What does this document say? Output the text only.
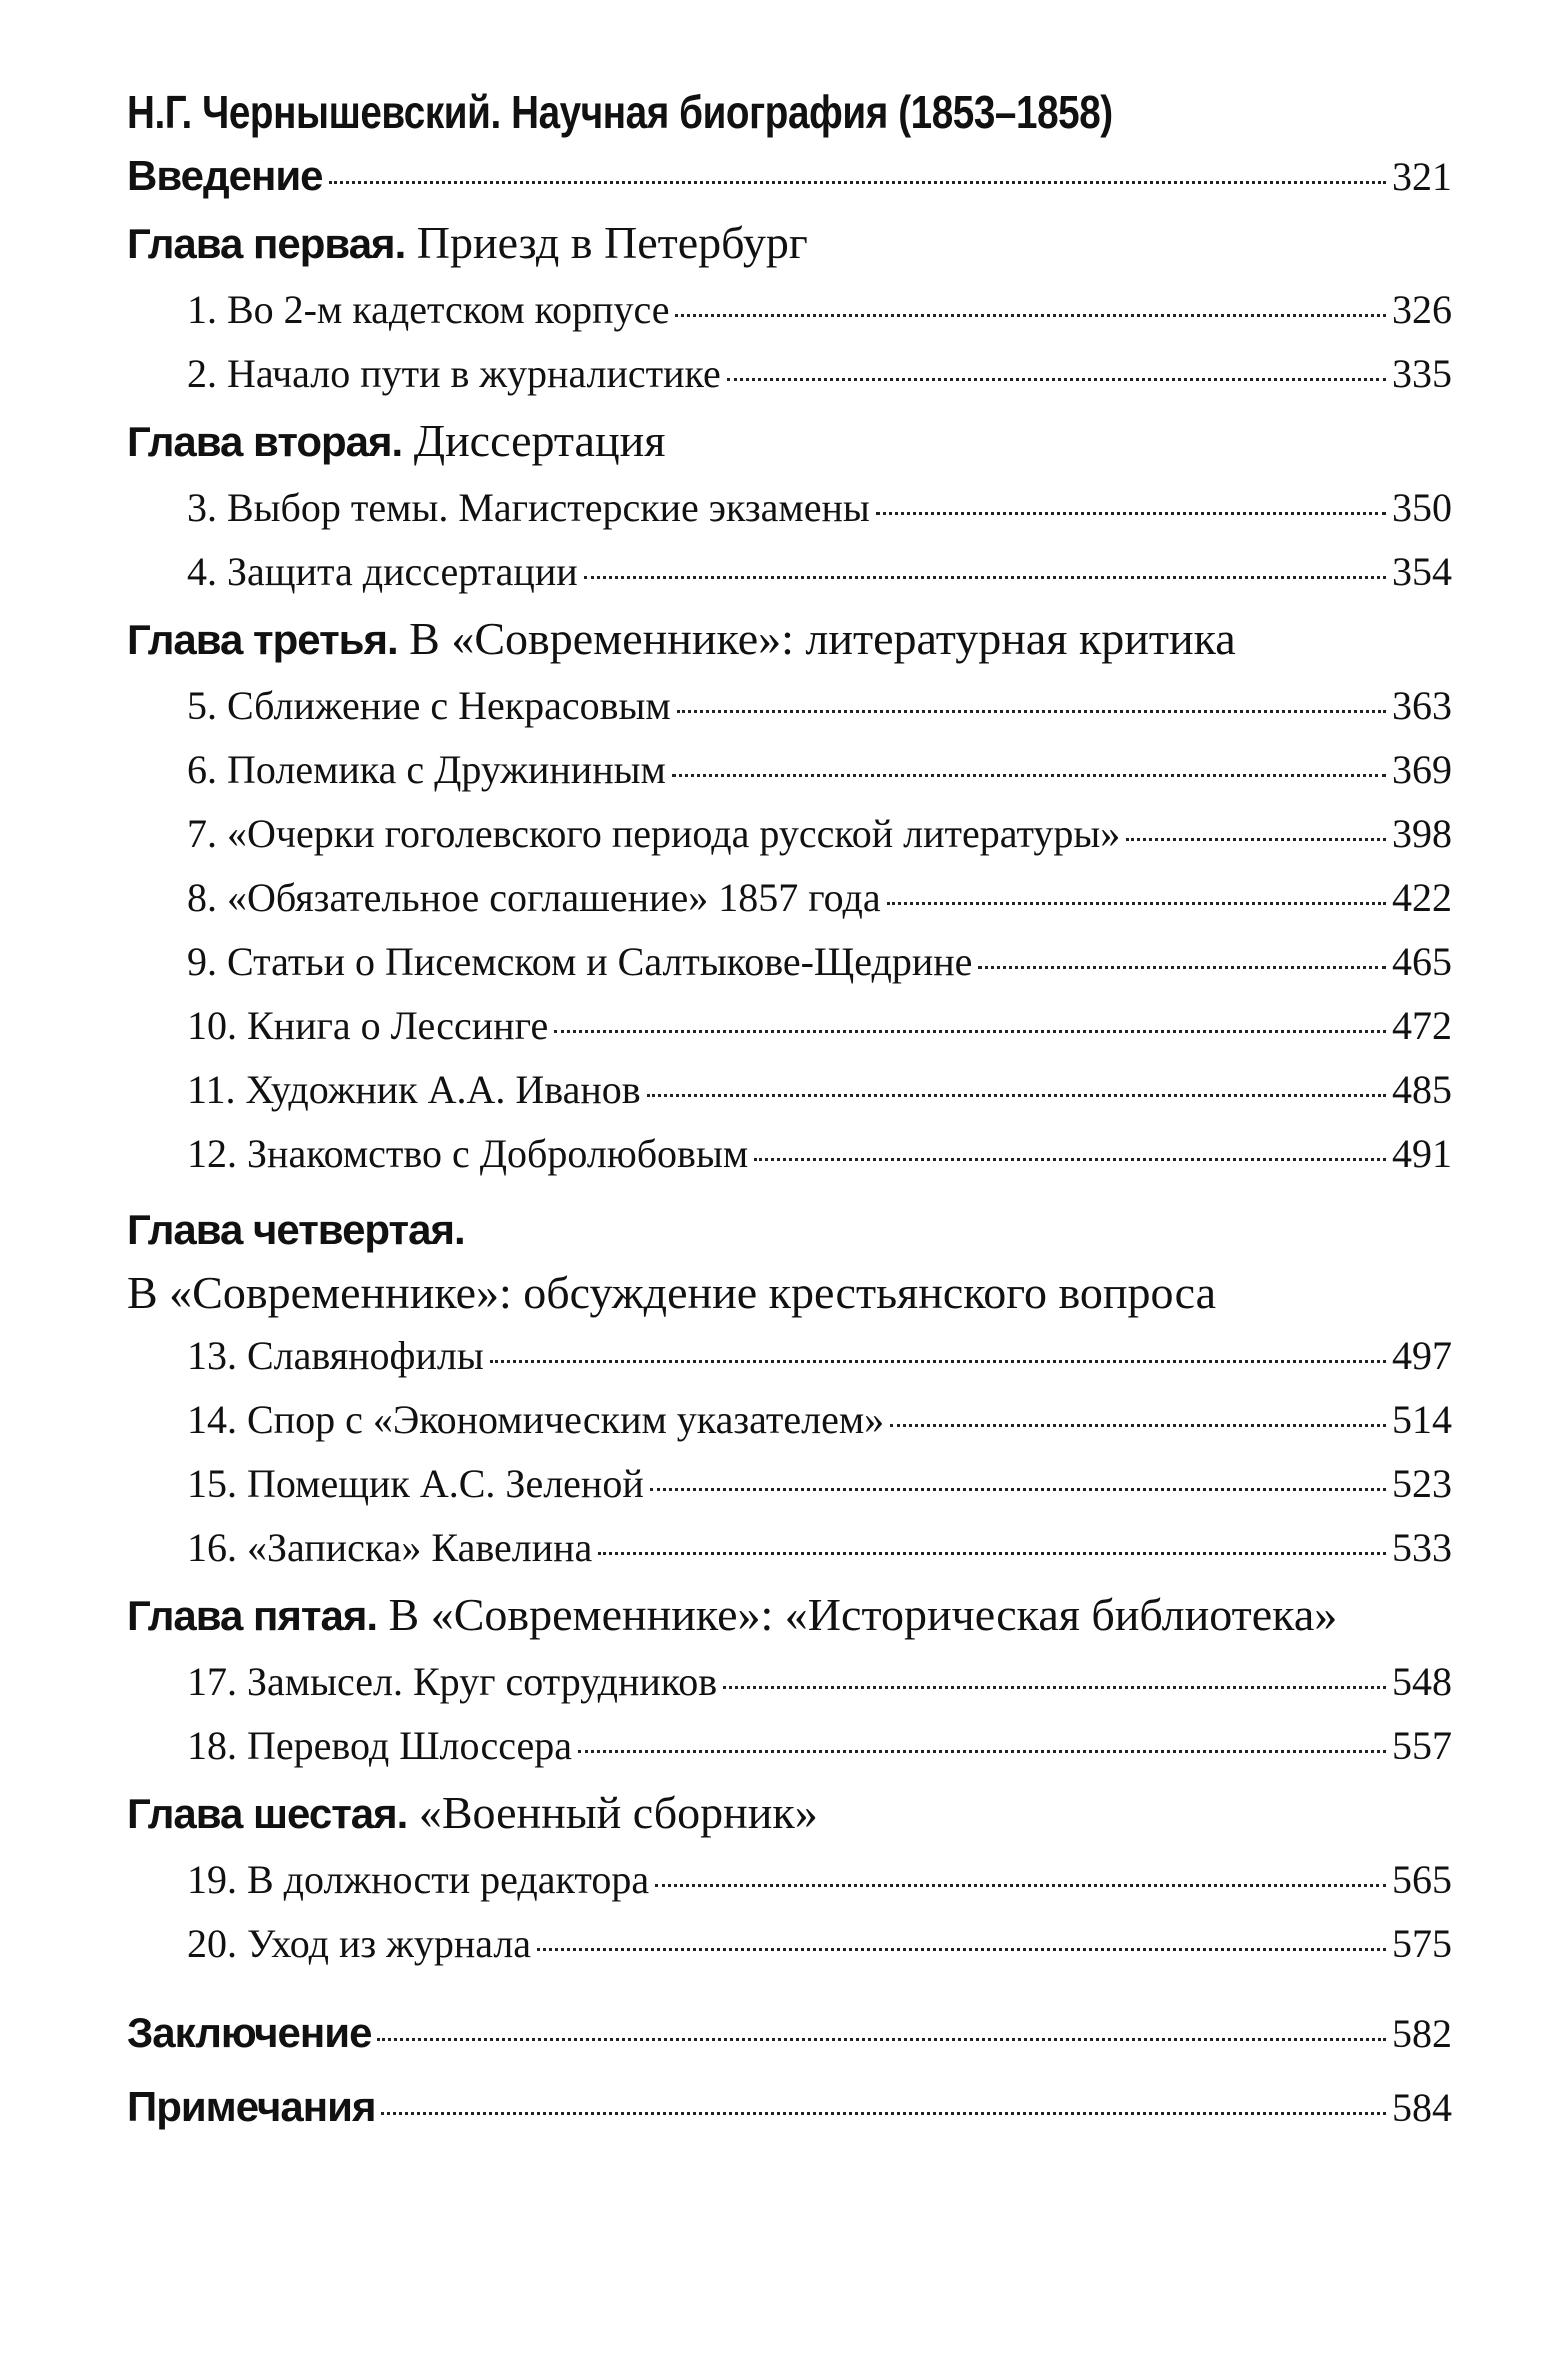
Н.Г. Чернышевский. Научная биография (1853–1858)
Введение	321
Глава первая. Приезд в Петербург
1. Во 2-м кадетском корпусе	326
2. Начало пути в журналистике	335
Глава вторая. Диссертация
3. Выбор темы. Магистерские экзамены	350
4. Защита диссертации	354
Глава третья. В «Современнике»: литературная критика
5. Сближение с Некрасовым	363
6. Полемика с Дружининым	369
7. «Очерки гоголевского периода русской литературы»	398
8. «Обязательное соглашение» 1857 года	422
9. Статьи о Писемском и Салтыкове-Щедрине	465
10. Книга о Лессинге	472
11. Художник А.А. Иванов	485
12. Знакомство с Добролюбовым	491
Глава четвертая.
В «Современнике»: обсуждение крестьянского вопроса
13. Славянофилы	497
14. Спор с «Экономическим указателем»	514
15. Помещик А.С. Зеленой	523
16. «Записка» Кавелина	533
Глава пятая. В «Современнике»: «Историческая библиотека»
17. Замысел. Круг сотрудников	548
18. Перевод Шлоссера	557
Глава шестая. «Военный сборник»
19. В должности редактора	565
20. Уход из журнала	575
Заключение	582
Примечания	584
